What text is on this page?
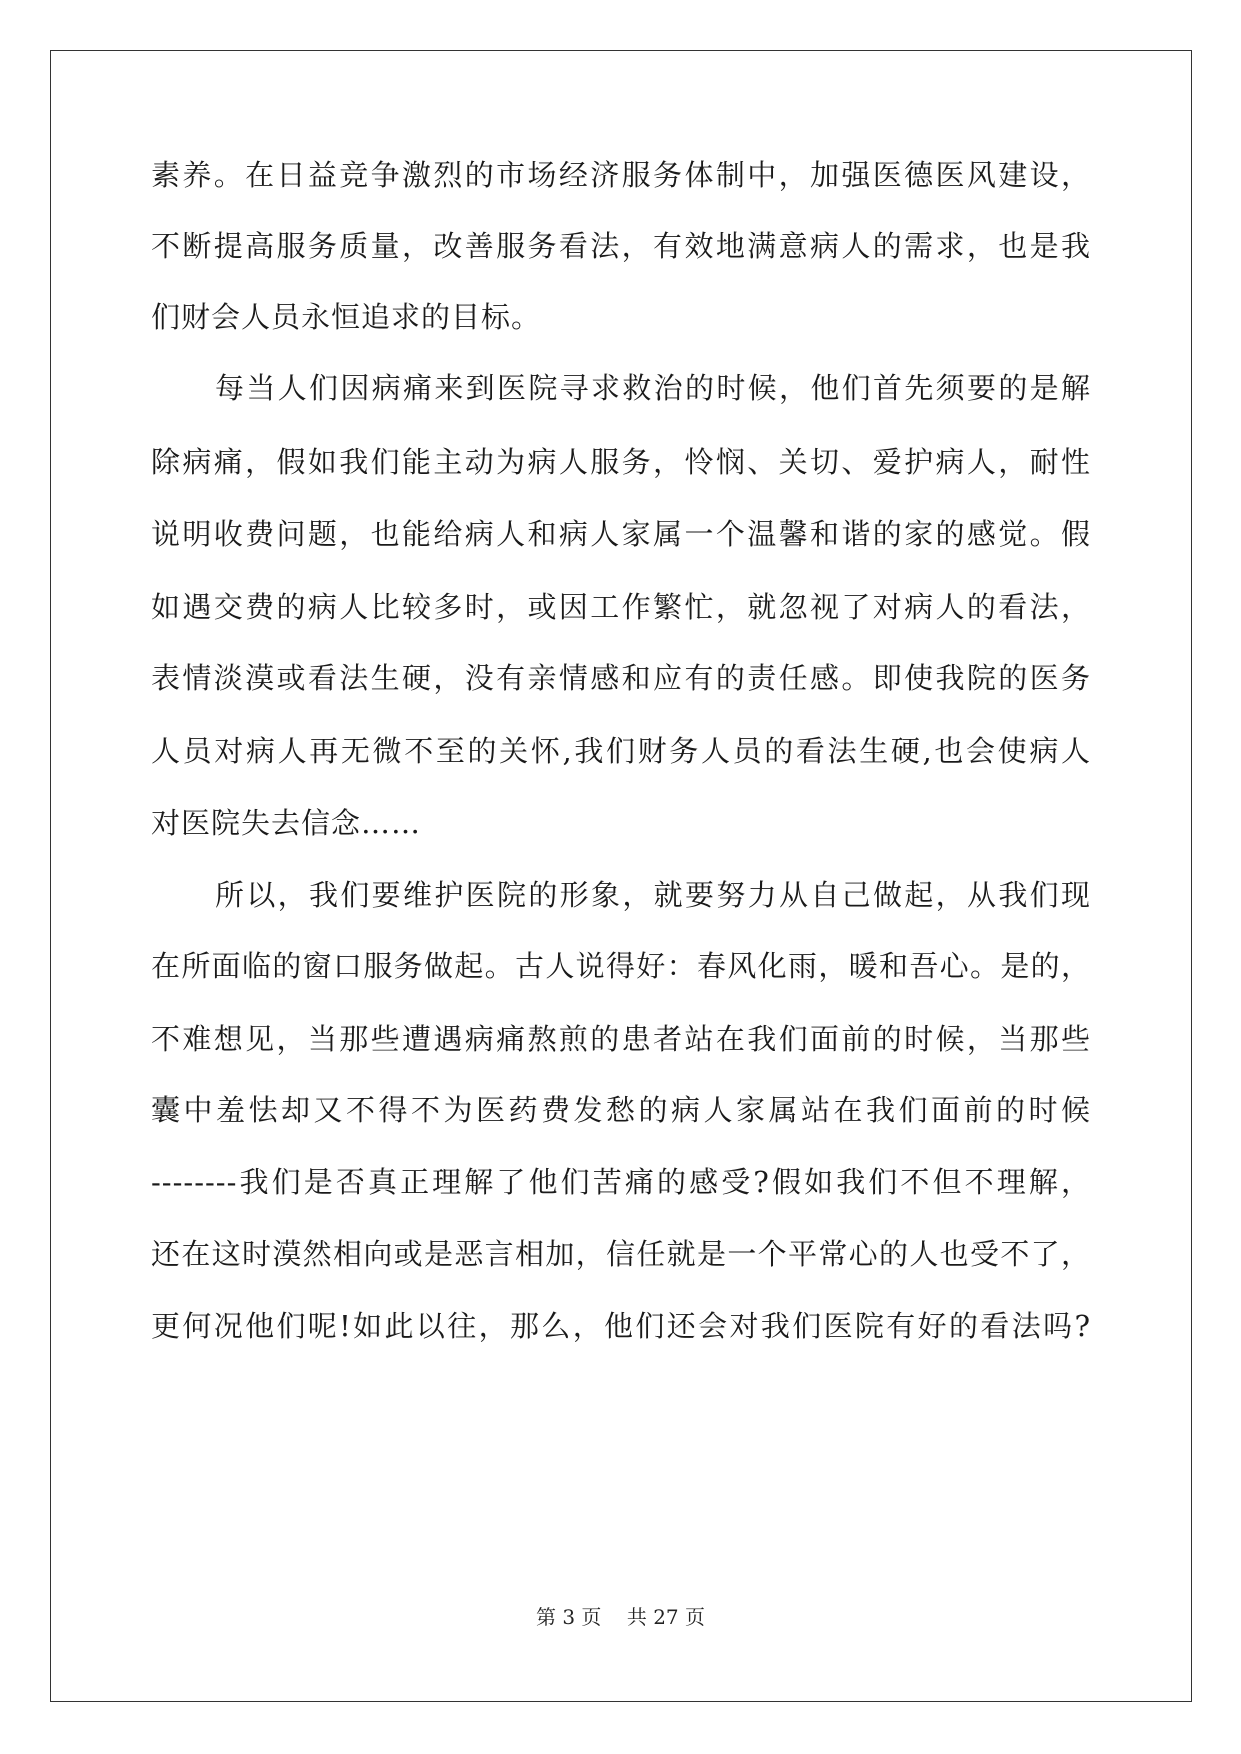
素养。在日益竞争激烈的市场经济服务体制中，加强医德医风建设，
不断提高服务质量，改善服务看法，有效地满意病人的需求，也是我
们财会人员永恒追求的目标。
每当人们因病痛来到医院寻求救治的时候，他们首先须要的是解
除病痛，假如我们能主动为病人服务，怜悯、关切、爱护病人，耐性
说明收费问题，也能给病人和病人家属一个温馨和谐的家的感觉。假
如遇交费的病人比较多时，或因工作繁忙，就忽视了对病人的看法，
表情淡漠或看法生硬，没有亲情感和应有的责任感。即使我院的医务
人员对病人再无微不至的关怀,我们财务人员的看法生硬,也会使病人
对医院失去信念……
所以，我们要维护医院的形象，就要努力从自己做起，从我们现
在所面临的窗口服务做起。古人说得好：春风化雨，暖和吾心。是的，
不难想见，当那些遭遇病痛熬煎的患者站在我们面前的时候，当那些
囊中羞怯却又不得不为医药费发愁的病人家属站在我们面前的时候
--------我们是否真正理解了他们苦痛的感受?假如我们不但不理解，
还在这时漠然相向或是恶言相加，信任就是一个平常心的人也受不了，
更何况他们呢!如此以往，那么，他们还会对我们医院有好的看法吗?
第 3 页    共 27 页
